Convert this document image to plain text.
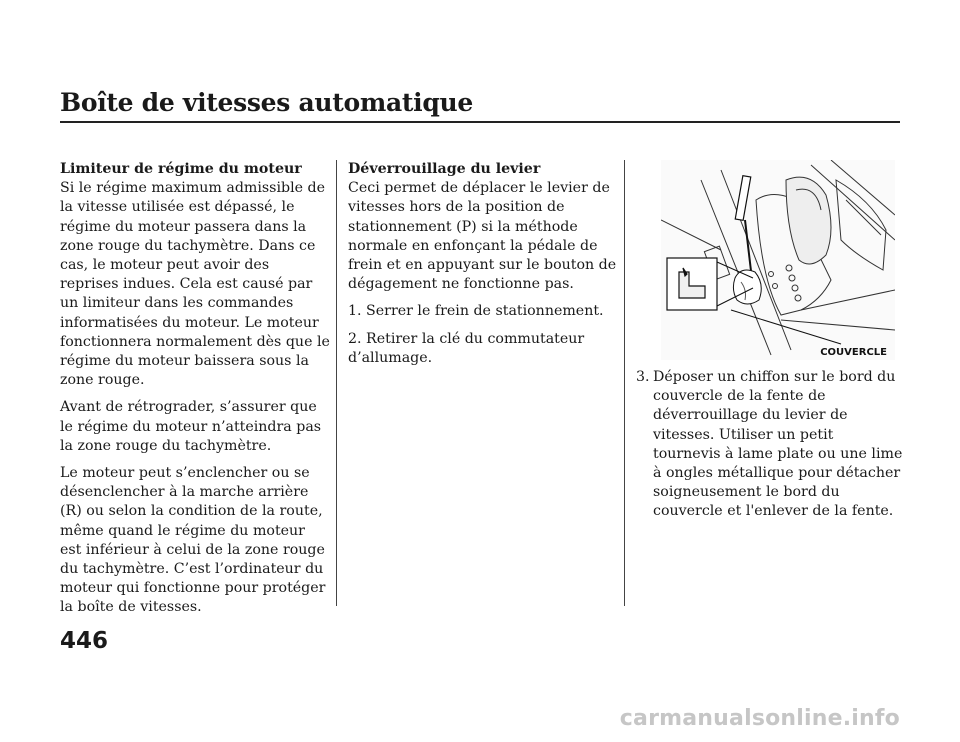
Boîte de vitesses automatique

Limiteur de régime du moteur

Si le régime maximum admissible de la vitesse utilisée est dépassé, le régime du moteur passera dans la zone rouge du tachymètre. Dans ce cas, le moteur peut avoir des reprises indues. Cela est causé par un limiteur dans les commandes informatisées du moteur. Le moteur fonctionnera normalement dès que le régime du moteur baissera sous la zone rouge.

Avant de rétrograder, s’assurer que le régime du moteur n’atteindra pas la zone rouge du tachymètre.

Le moteur peut s’enclencher ou se désenclencher à la marche arrière (R) ou selon la condition de la route, même quand le régime du moteur est inférieur à celui de la zone rouge du tachymètre. C’est l’ordinateur du moteur qui fonctionne pour protéger la boîte de vitesses.

Déverrouillage du levier

Ceci permet de déplacer le levier de vitesses hors de la position de stationnement (P) si la méthode normale en enfonçant la pédale de frein et en appuyant sur le bouton de dégagement ne fonctionne pas.

1. Serrer le frein de stationnement.

2. Retirer la clé du commutateur d’allumage.	COUVERCLE
3. Déposer un chiffon sur le bord du couvercle de la fente de déverrouillage du levier de vitesses. Utiliser un petit tournevis à lame plate ou une lime à ongles métallique pour détacher soigneusement le bord du couvercle et l'enlever de la fente.
446
carmanualsonline.info
